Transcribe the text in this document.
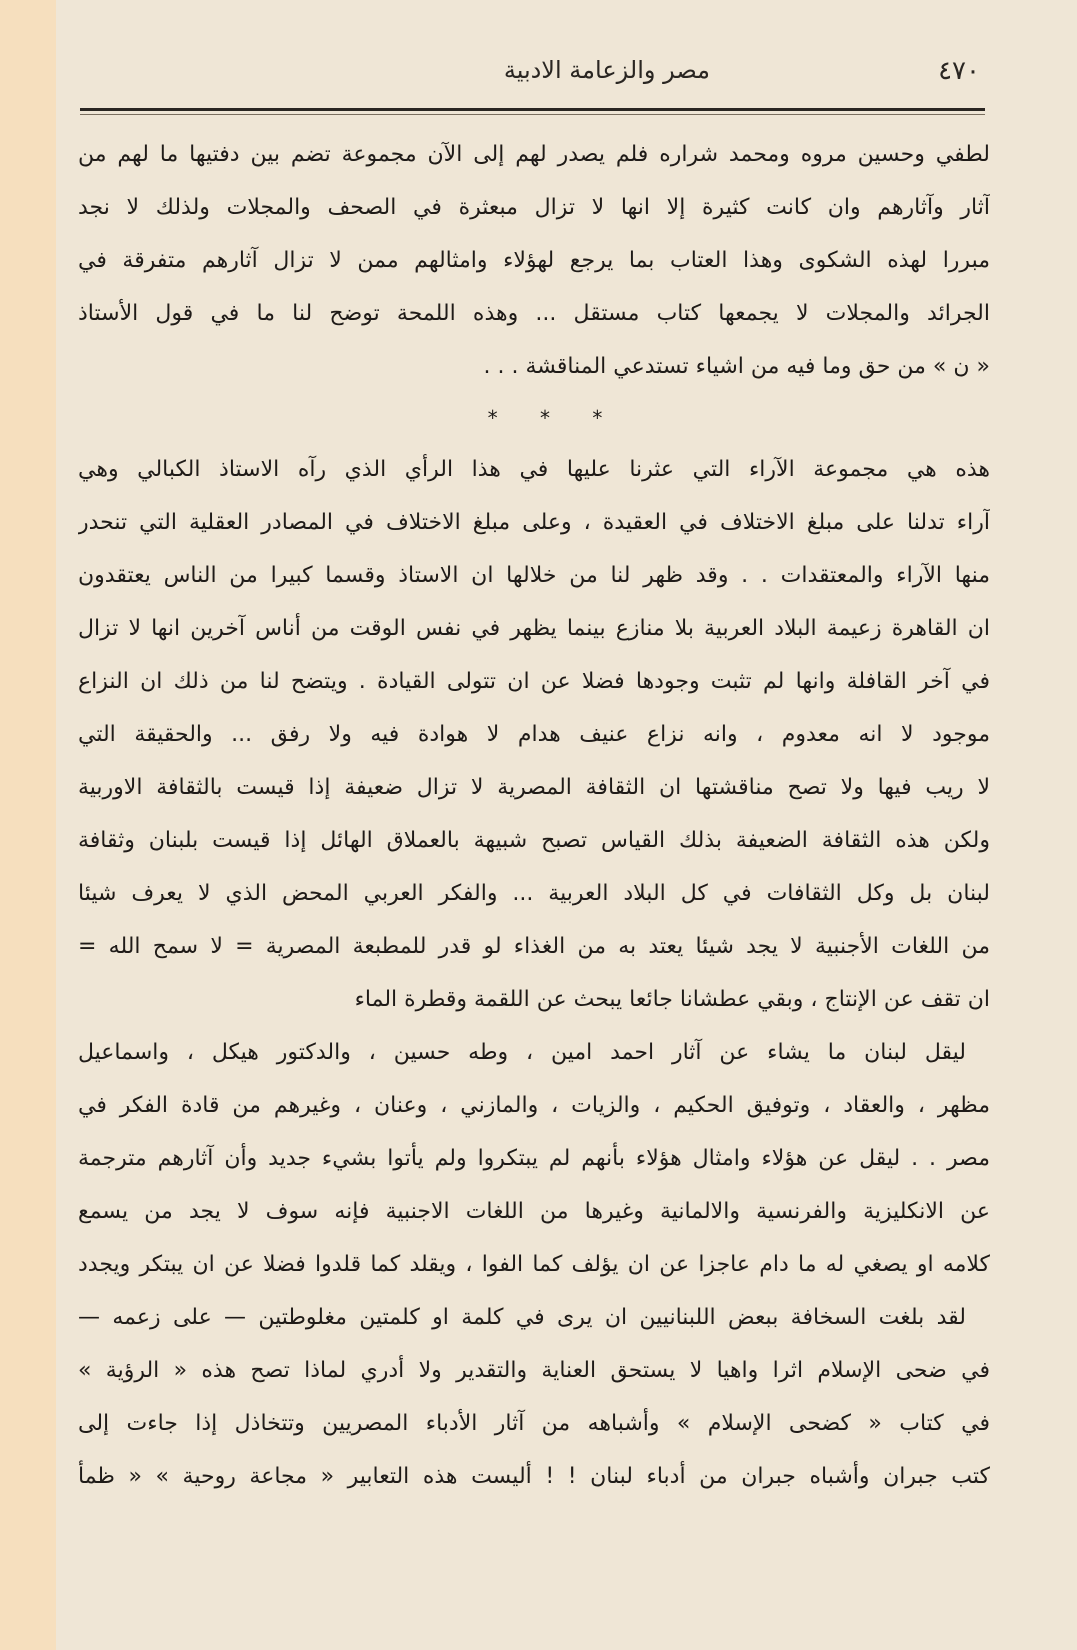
٤٧٠
مصر والزعامة الادبية
لطفي وحسين مروه ومحمد شراره فلم يصدر لهم إلى الآن مجموعة تضم بين دفتيها ما لهم من
آثار وآثارهم وان كانت كثيرة إلا انها لا تزال مبعثرة في الصحف والمجلات ولذلك لا نجد
مبررا لهذه الشكوى وهذا العتاب بما يرجع لهؤلاء وامثالهم ممن لا تزال آثارهم متفرقة في
الجرائد والمجلات لا يجمعها كتاب مستقل ... وهذه اللمحة توضح لنا ما في قول الأستاذ
« ن » من حق وما فيه من اشياء تستدعي المناقشة . . .
* * *
هذه هي مجموعة الآراء التي عثرنا عليها في هذا الرأي الذي رآه الاستاذ الكبالي وهي
آراء تدلنا على مبلغ الاختلاف في العقيدة ، وعلى مبلغ الاختلاف في المصادر العقلية التي تنحدر
منها الآراء والمعتقدات . . وقد ظهر لنا من خلالها ان الاستاذ وقسما كبيرا من الناس يعتقدون
ان القاهرة زعيمة البلاد العربية بلا منازع بينما يظهر في نفس الوقت من أناس آخرين انها لا تزال
في آخر القافلة وانها لم تثبت وجودها فضلا عن ان تتولى القيادة . ويتضح لنا من ذلك ان النزاع
موجود لا انه معدوم ، وانه نزاع عنيف هدام لا هوادة فيه ولا رفق ... والحقيقة التي
لا ريب فيها ولا تصح مناقشتها ان الثقافة المصرية لا تزال ضعيفة إذا قيست بالثقافة الاوربية
ولكن هذه الثقافة الضعيفة بذلك القياس تصبح شبيهة بالعملاق الهائل إذا قيست بلبنان وثقافة
لبنان بل وكل الثقافات في كل البلاد العربية ... والفكر العربي المحض الذي لا يعرف شيئا
من اللغات الأجنبية لا يجد شيئا يعتد به من الغذاء لو قدر للمطبعة المصرية = لا سمح الله =
ان تقف عن الإنتاج ، وبقي عطشانا جائعا يبحث عن اللقمة وقطرة الماء
ليقل لبنان ما يشاء عن آثار احمد امين ، وطه حسين ، والدكتور هيكل ، واسماعيل
مظهر ، والعقاد ، وتوفيق الحكيم ، والزيات ، والمازني ، وعنان ، وغيرهم من قادة الفكر في
مصر . . ليقل عن هؤلاء وامثال هؤلاء بأنهم لم يبتكروا ولم يأتوا بشيء جديد وأن آثارهم مترجمة
عن الانكليزية والفرنسية والالمانية وغيرها من اللغات الاجنبية فإنه سوف لا يجد من يسمع
كلامه او يصغي له ما دام عاجزا عن ان يؤلف كما الفوا ، ويقلد كما قلدوا فضلا عن ان يبتكر ويجدد
لقد بلغت السخافة ببعض اللبنانيين ان يرى في كلمة او كلمتين مغلوطتين — على زعمه —
في ضحى الإسلام اثرا واهيا لا يستحق العناية والتقدير ولا أدري لماذا تصح هذه « الرؤية »
في كتاب « كضحى الإسلام » وأشباهه من آثار الأدباء المصريين وتتخاذل إذا جاءت إلى
كتب جبران وأشباه جبران من أدباء لبنان ! ! أليست هذه التعابير « مجاعة روحية » « ظمأ
